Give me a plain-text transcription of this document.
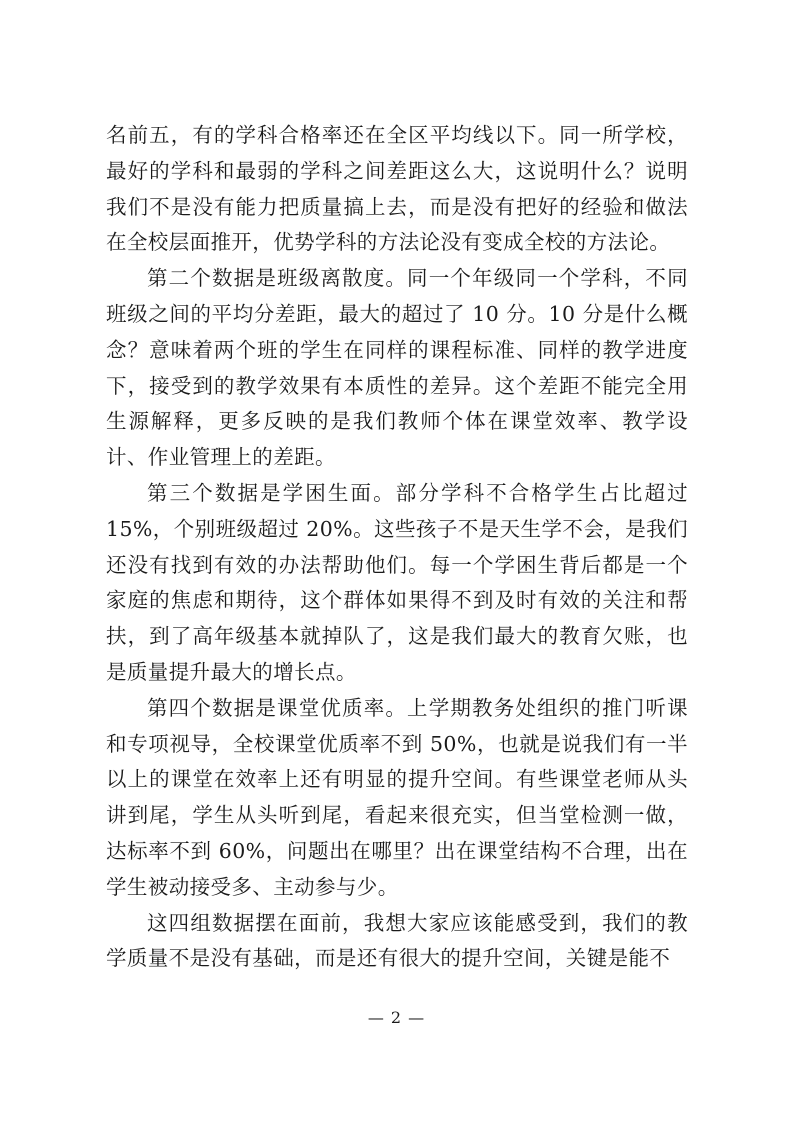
名前五，有的学科合格率还在全区平均线以下。同一所学校，最好的学科和最弱的学科之间差距这么大，这说明什么？说明我们不是没有能力把质量搞上去，而是没有把好的经验和做法在全校层面推开，优势学科的方法论没有变成全校的方法论。

第二个数据是班级离散度。同一个年级同一个学科，不同班级之间的平均分差距，最大的超过了 10 分。10 分是什么概念？意味着两个班的学生在同样的课程标准、同样的教学进度下，接受到的教学效果有本质性的差异。这个差距不能完全用生源解释，更多反映的是我们教师个体在课堂效率、教学设计、作业管理上的差距。

第三个数据是学困生面。部分学科不合格学生占比超过 15%，个别班级超过 20%。这些孩子不是天生学不会，是我们还没有找到有效的办法帮助他们。每一个学困生背后都是一个家庭的焦虑和期待，这个群体如果得不到及时有效的关注和帮扶，到了高年级基本就掉队了，这是我们最大的教育欠账，也是质量提升最大的增长点。

第四个数据是课堂优质率。上学期教务处组织的推门听课和专项视导，全校课堂优质率不到 50%，也就是说我们有一半以上的课堂在效率上还有明显的提升空间。有些课堂老师从头讲到尾，学生从头听到尾，看起来很充实，但当堂检测一做，达标率不到 60%，问题出在哪里？出在课堂结构不合理，出在学生被动接受多、主动参与少。

这四组数据摆在面前，我想大家应该能感受到，我们的教学质量不是没有基础，而是还有很大的提升空间，关键是能不

— 2 —
